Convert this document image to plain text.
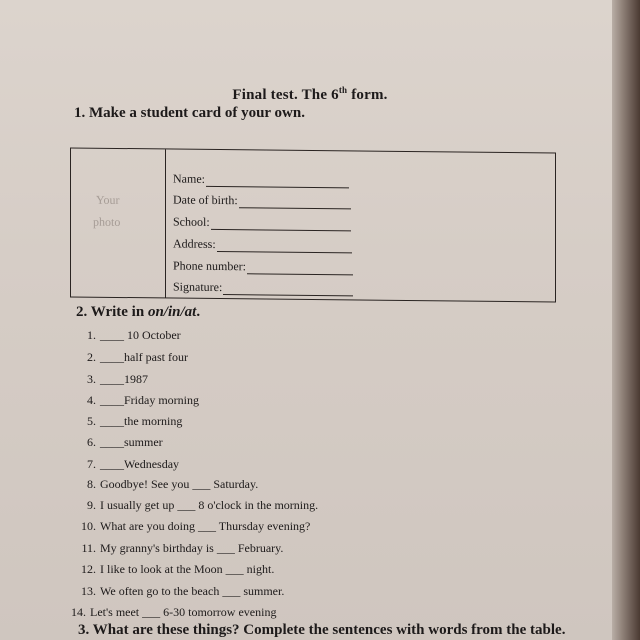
Final test. The 6th form.
1. Make a student card of your own.
Your
photo
Name:
Date of birth:
School:
Address:
Phone number:
Signature:
2. Write in on/in/at.
1. ____ 10 October
2. ____half past four
3. ____1987
4. ____Friday morning
5. ____the morning
6. ____summer
7. ____Wednesday
8. Goodbye! See you ___ Saturday.
9. I usually get up ___ 8 o'clock in the morning.
10. What are you doing ___ Thursday evening?
11. My granny's birthday is ___ February.
12. I like to look at the Moon ___ night.
13. We often go to the beach ___ summer.
14. Let's meet ___ 6-30 tomorrow evening
3. What are these things? Complete the sentences with words from the table.
